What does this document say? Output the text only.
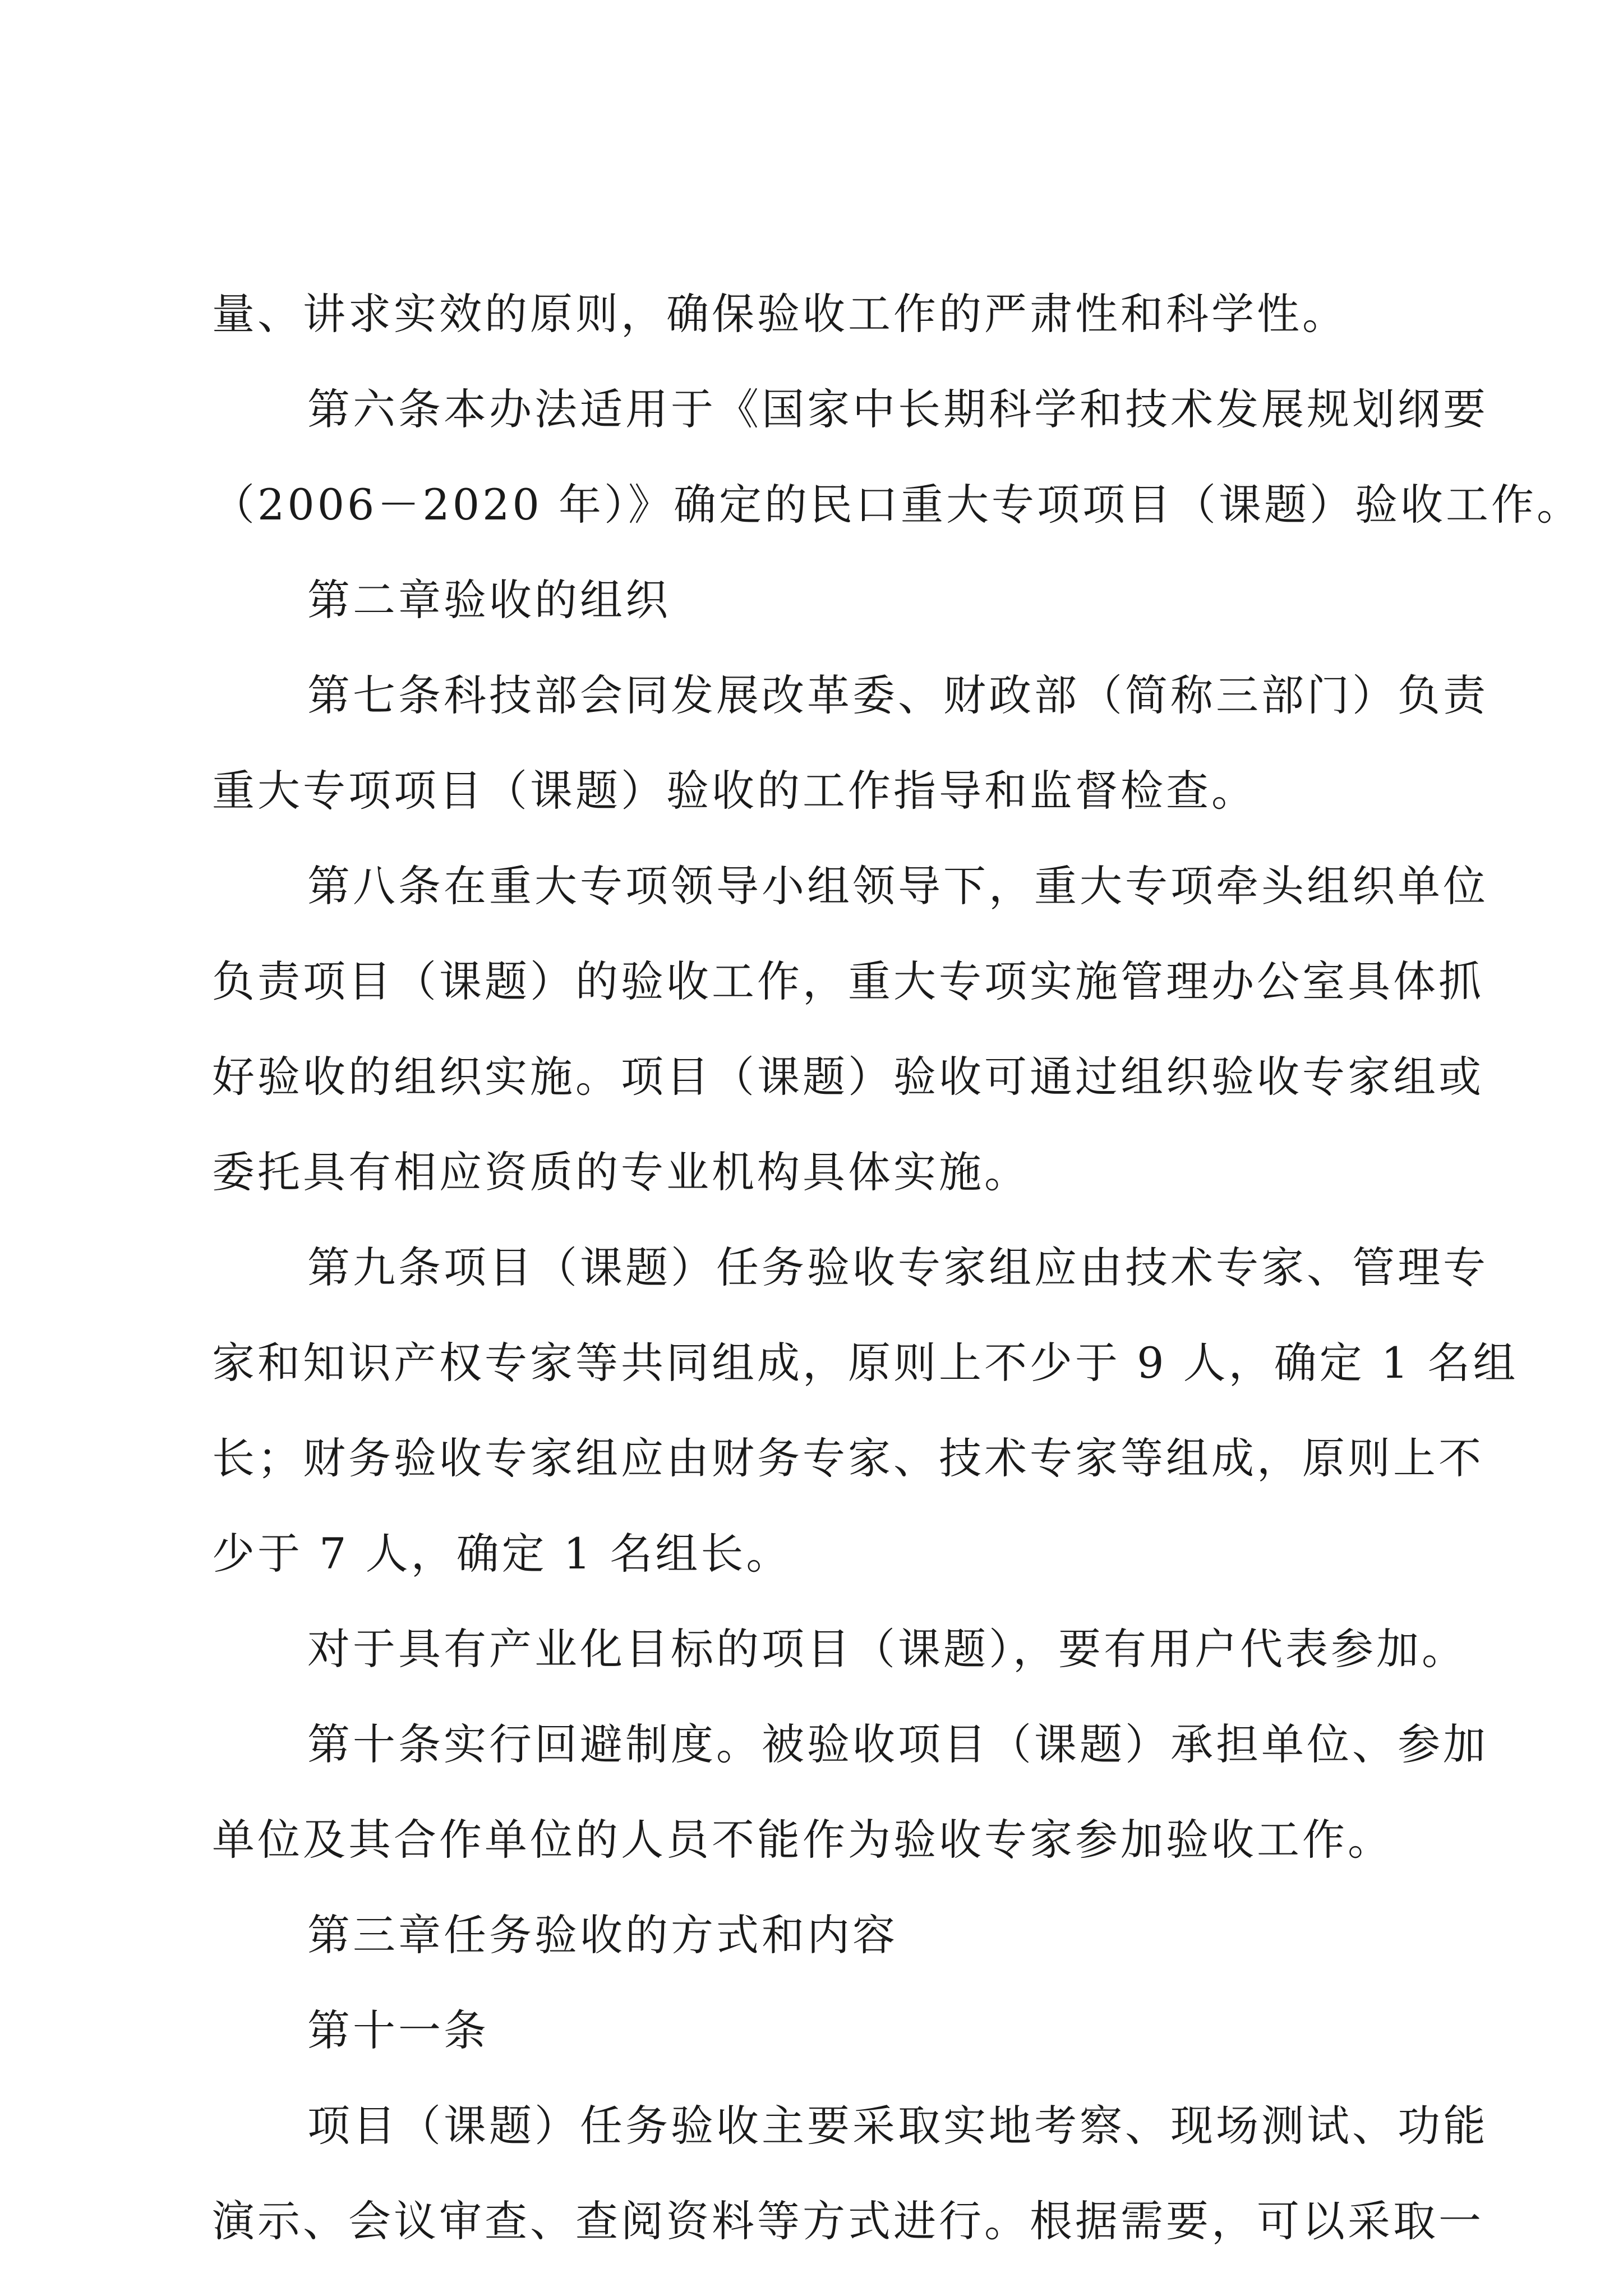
量、讲求实效的原则，确保验收工作的严肃性和科学性。
第六条本办法适用于《国家中长期科学和技术发展规划纲要
（2006－2020 年）》确定的民口重大专项项目（课题）验收工作。
第二章验收的组织
第七条科技部会同发展改革委、财政部（简称三部门）负责
重大专项项目（课题）验收的工作指导和监督检查。
第八条在重大专项领导小组领导下，重大专项牵头组织单位
负责项目（课题）的验收工作，重大专项实施管理办公室具体抓
好验收的组织实施。项目（课题）验收可通过组织验收专家组或
委托具有相应资质的专业机构具体实施。
第九条项目（课题）任务验收专家组应由技术专家、管理专
家和知识产权专家等共同组成，原则上不少于 9 人，确定 1 名组
长；财务验收专家组应由财务专家、技术专家等组成，原则上不
少于 7 人，确定 1 名组长。
对于具有产业化目标的项目（课题），要有用户代表参加。
第十条实行回避制度。被验收项目（课题）承担单位、参加
单位及其合作单位的人员不能作为验收专家参加验收工作。
第三章任务验收的方式和内容
第十一条
项目（课题）任务验收主要采取实地考察、现场测试、功能
演示、会议审查、查阅资料等方式进行。根据需要，可以采取一
